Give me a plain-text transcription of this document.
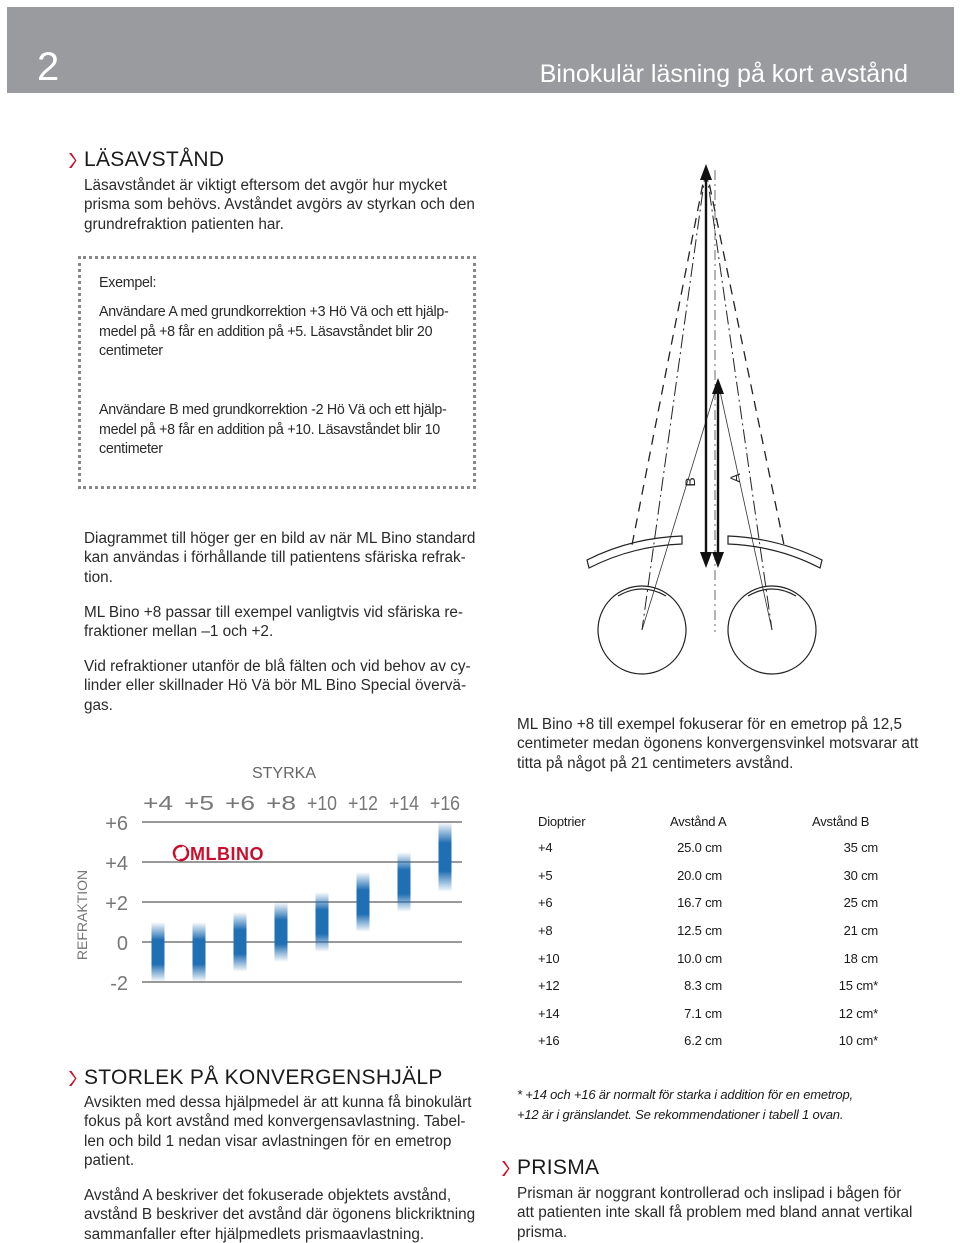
2	Binokulär läsning på kort avstånd
LÄSAVSTÅND
Läsavståndet är viktigt eftersom det avgör hur mycket
prisma som behövs. Avståndet avgörs av styrkan och den
grundrefraktion patienten har.
Exempel:
Användare A med grundkorrektion +3 Hö Vä och ett hjälp-
medel på +8 får en addition på +5. Läsavståndet blir 20
centimeter
Användare B med grundkorrektion -2 Hö Vä och ett hjälp-
medel på +8 får en addition på +10. Läsavståndet blir 10
centimeter
Diagrammet till höger ger en bild av när ML Bino standard
kan användas i förhållande till patientens sfäriska refrak-
tion.
ML Bino +8 passar till exempel vanligtvis vid sfäriska re-
fraktioner mellan –1 och +2.
Vid refraktioner utanför de blå fälten och vid behov av cy-
linder eller skillnader Hö Vä bör ML Bino Special övervä-
gas.
B A
ML Bino +8 till exempel fokuserar för en emetrop på 12,5
centimeter medan ögonens konvergensvinkel motsvarar att
titta på något på 21 centimeters avstånd.
STYRKA
REFRAKTION
+6
+4
+2
0
-2
+4 +5 +6 +8 +10 +12 +14 +16
MLBINO
Dioptrier	Avstånd A	Avstånd B
+4	25.0 cm	35 cm
+5	20.0 cm	30 cm
+6	16.7 cm	25 cm
+8	12.5 cm	21 cm
+10	10.0 cm	18 cm
+12	8.3 cm	15 cm*
+14	7.1 cm	12 cm*
+16	6.2 cm	10 cm*
* +14 och +16 är normalt för starka i addition för en emetrop,
+12 är i gränslandet. Se rekommendationer i tabell 1 ovan.
STORLEK PÅ KONVERGENSHJÄLP
Avsikten med dessa hjälpmedel är att kunna få binokulärt
fokus på kort avstånd med konvergensavlastning. Tabel-
len och bild 1 nedan visar avlastningen för en emetrop
patient.
Avstånd A beskriver det fokuserade objektets avstånd,
avstånd B beskriver det avstånd där ögonens blickriktning
sammanfaller efter hjälpmedlets prismaavlastning.
PRISMA
Prisman är noggrant kontrollerad och inslipad i bågen för
att patienten inte skall få problem med bland annat vertikal
prisma.
